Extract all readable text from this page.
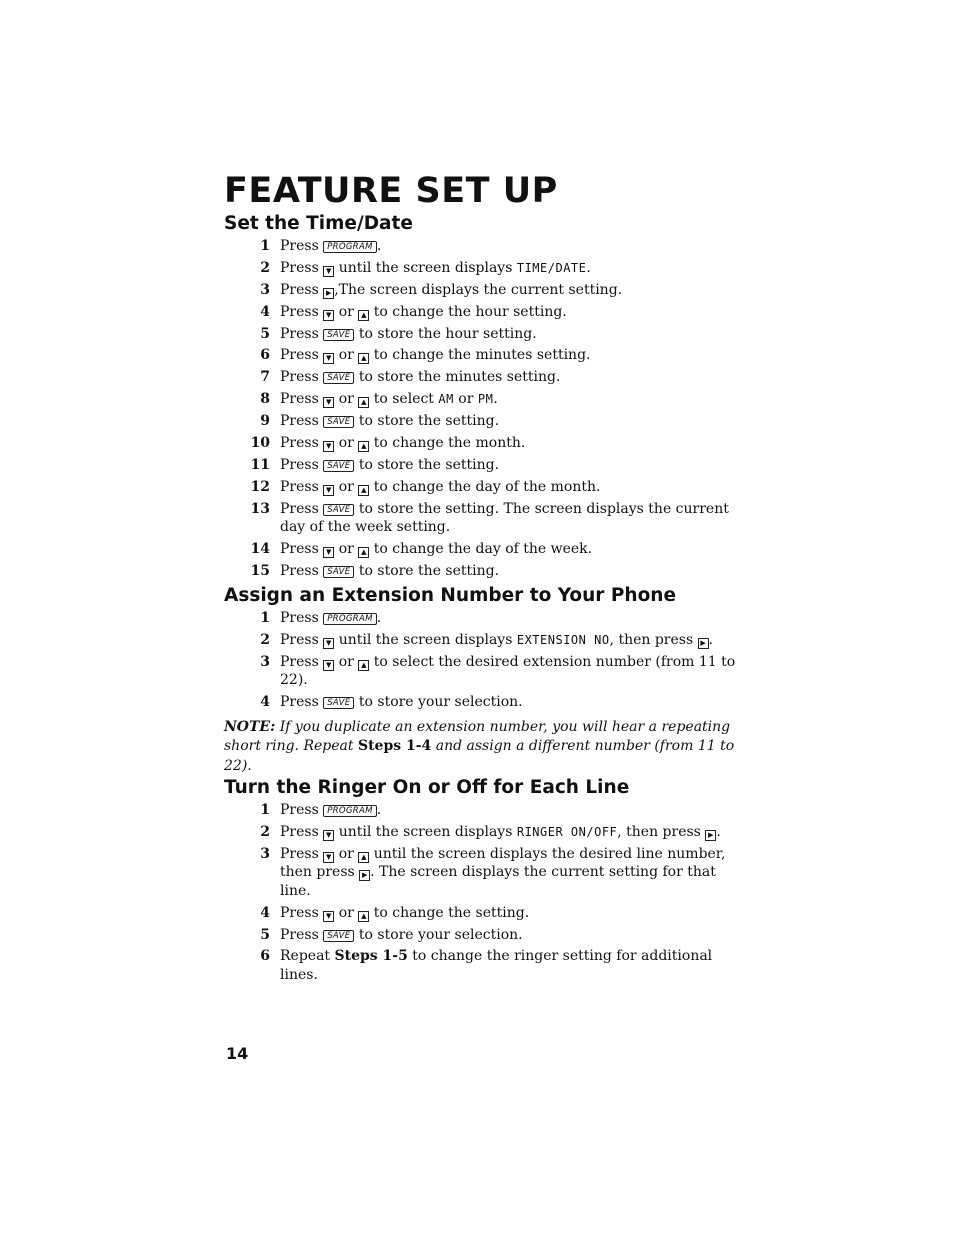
FEATURE SET UP
Set the Time/Date
1 Press PROGRAM .
2 Press ▼ until the screen displays TIME/DATE.
3 Press ▶ ,The screen displays the current setting.
4 Press ▼ or ▲ to change the hour setting.
5 Press SAVE to store the hour setting.
6 Press ▼ or ▲ to change the minutes setting.
7 Press SAVE to store the minutes setting.
8 Press ▼ or ▲ to select AM or PM.
9 Press SAVE to store the setting.
10 Press ▼ or ▲ to change the month.
11 Press SAVE to store the setting.
12 Press ▼ or ▲ to change the day of the month.
13 Press SAVE to store the setting. The screen displays the current day of the week setting.
14 Press ▼ or ▲ to change the day of the week.
15 Press SAVE to store the setting.
Assign an Extension Number to Your Phone
1 Press PROGRAM .
2 Press ▼ until the screen displays EXTENSION NO, then press ▶ .
3 Press ▼ or ▲ to select the desired extension number (from 11 to 22).
4 Press SAVE to store your selection.

NOTE: If you duplicate an extension number, you will hear a repeating short ring. Repeat Steps 1-4 and assign a different number (from 11 to 22).

Turn the Ringer On or Off for Each Line
1 Press PROGRAM .
2 Press ▼ until the screen displays RINGER ON/OFF, then press ▶ .
3 Press ▼ or ▲ until the screen displays the desired line number, then press ▶ . The screen displays the current setting for that line.
4 Press ▼ or ▲ to change the setting.
5 Press SAVE to store your selection.
6 Repeat Steps 1-5 to change the ringer setting for additional lines.
14
